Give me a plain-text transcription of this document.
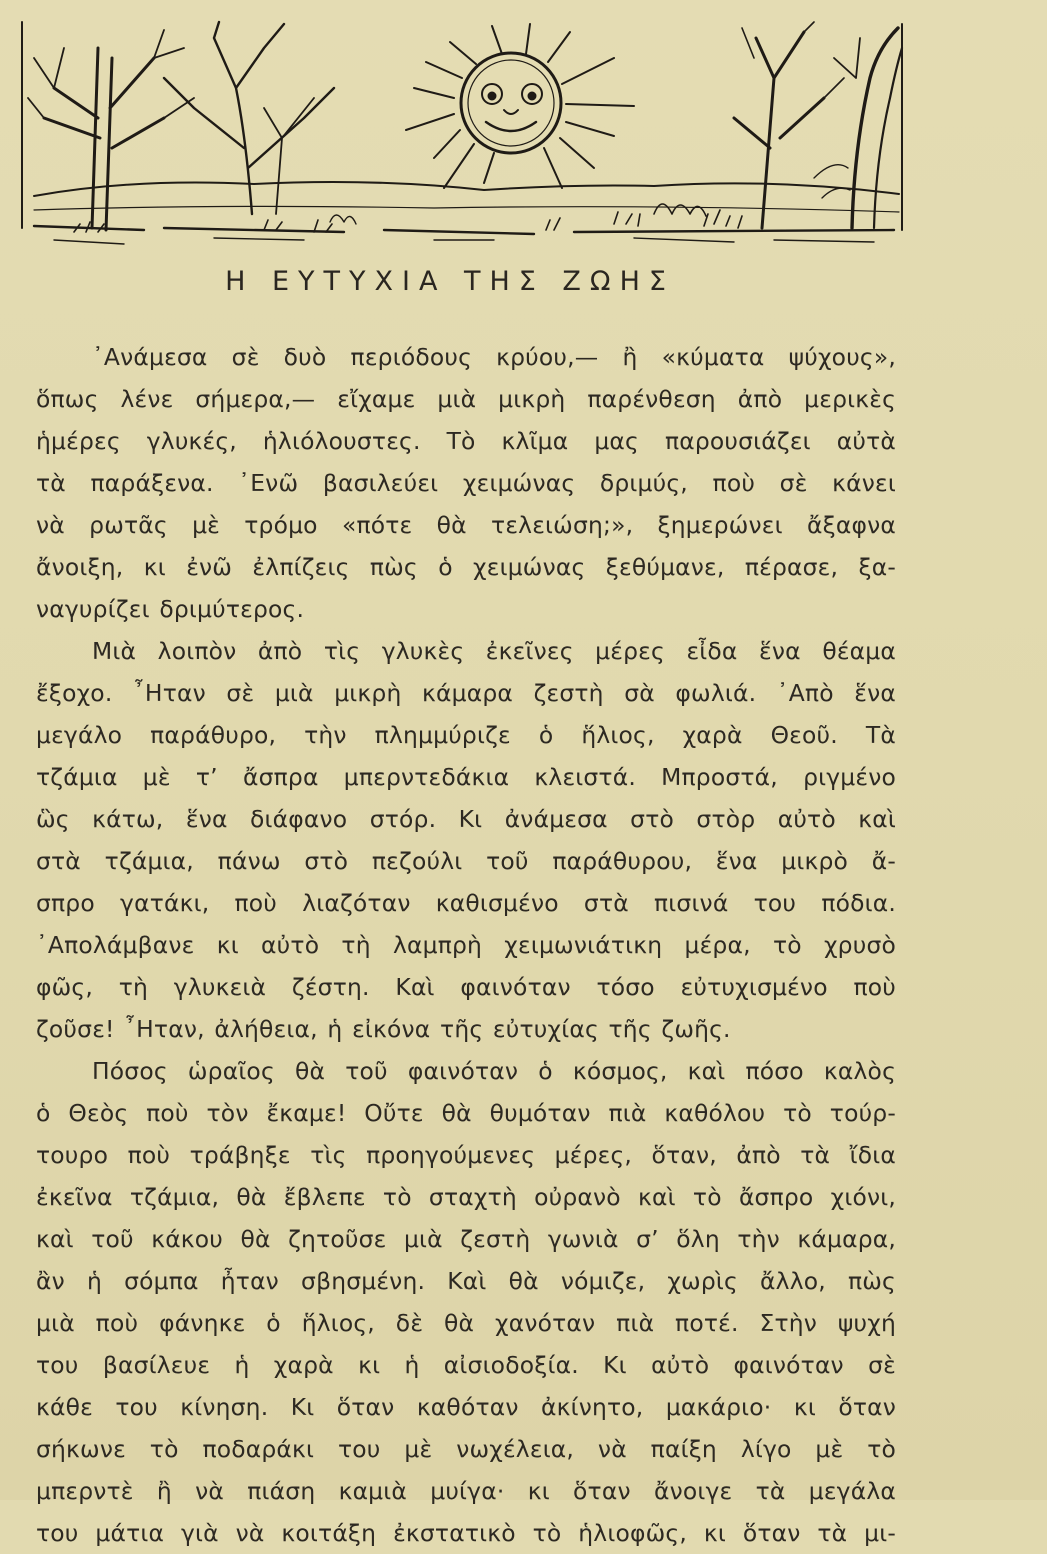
Η ΕΥΤΥΧΙΑ ΤΗΣ ΖΩΗΣ
᾿Ανάμεσα σὲ δυὸ περιόδους κρύου,— ἢ «κύματα ψύχους»,
ὅπως λένε σήμερα,— εἴχαμε μιὰ μικρὴ παρένθεση ἀπὸ μερικὲς
ἡμέρες γλυκές, ἡλιόλουστες. Τὸ κλῖμα μας παρουσιάζει αὐτὰ
τὰ παράξενα. ᾿Ενῶ βασιλεύει χειμώνας δριμύς, ποὺ σὲ κάνει
νὰ ρωτᾶς μὲ τρόμο «πότε θὰ τελειώση;», ξημερώνει ἄξαφνα
ἄνοιξη, κι ἐνῶ ἐλπίζεις πὼς ὁ χειμώνας ξεθύμανε, πέρασε, ξα-
ναγυρίζει δριμύτερος.
Μιὰ λοιπὸν ἀπὸ τὶς γλυκὲς ἐκεῖνες μέρες εἶδα ἕνα θέαμα
ἔξοχο. ῏Ηταν σὲ μιὰ μικρὴ κάμαρα ζεστὴ σὰ φωλιά. ᾿Απὸ ἕνα
μεγάλο παράθυρο, τὴν πλημμύριζε ὁ ἥλιος, χαρὰ Θεοῦ. Τὰ
τζάμια μὲ τ’ ἄσπρα μπερντεδάκια κλειστά. Μπροστά, ριγμένο
ὣς κάτω, ἕνα διάφανο στόρ. Κι ἀνάμεσα στὸ στὸρ αὐτὸ καὶ
στὰ τζάμια, πάνω στὸ πεζούλι τοῦ παράθυρου, ἕνα μικρὸ ἄ-
σπρο γατάκι, ποὺ λιαζόταν καθισμένο στὰ πισινά του πόδια.
᾿Απολάμβανε κι αὐτὸ τὴ λαμπρὴ χειμωνιάτικη μέρα, τὸ χρυσὸ
φῶς, τὴ γλυκειὰ ζέστη. Καὶ φαινόταν τόσο εὐτυχισμένο ποὺ
ζοῦσε! ῏Ηταν, ἀλήθεια, ἡ εἰκόνα τῆς εὐτυχίας τῆς ζωῆς.
Πόσος ὡραῖος θὰ τοῦ φαινόταν ὁ κόσμος, καὶ πόσο καλὸς
ὁ Θεὸς ποὺ τὸν ἔκαμε! Οὔτε θὰ θυμόταν πιὰ καθόλου τὸ τούρ-
τουρο ποὺ τράβηξε τὶς προηγούμενες μέρες, ὅταν, ἀπὸ τὰ ἴδια
ἐκεῖνα τζάμια, θὰ ἔβλεπε τὸ σταχτὴ οὐρανὸ καὶ τὸ ἄσπρο χιόνι,
καὶ τοῦ κάκου θὰ ζητοῦσε μιὰ ζεστὴ γωνιὰ σ’ ὅλη τὴν κάμαρα,
ἂν ἡ σόμπα ἦταν σβησμένη. Καὶ θὰ νόμιζε, χωρὶς ἄλλο, πὼς
μιὰ ποὺ φάνηκε ὁ ἥλιος, δὲ θὰ χανόταν πιὰ ποτέ. Στὴν ψυχή
του βασίλευε ἡ χαρὰ κι ἡ αἰσιοδοξία. Κι αὐτὸ φαινόταν σὲ
κάθε του κίνηση. Κι ὅταν καθόταν ἀκίνητο, μακάριο· κι ὅταν
σήκωνε τὸ ποδαράκι του μὲ νωχέλεια, νὰ παίξη λίγο μὲ τὸ
μπερντὲ ἢ νὰ πιάση καμιὰ μυίγα· κι ὅταν ἄνοιγε τὰ μεγάλα
του μάτια γιὰ νὰ κοιτάξη ἐκστατικὸ τὸ ἡλιοφῶς, κι ὅταν τὰ μι-
